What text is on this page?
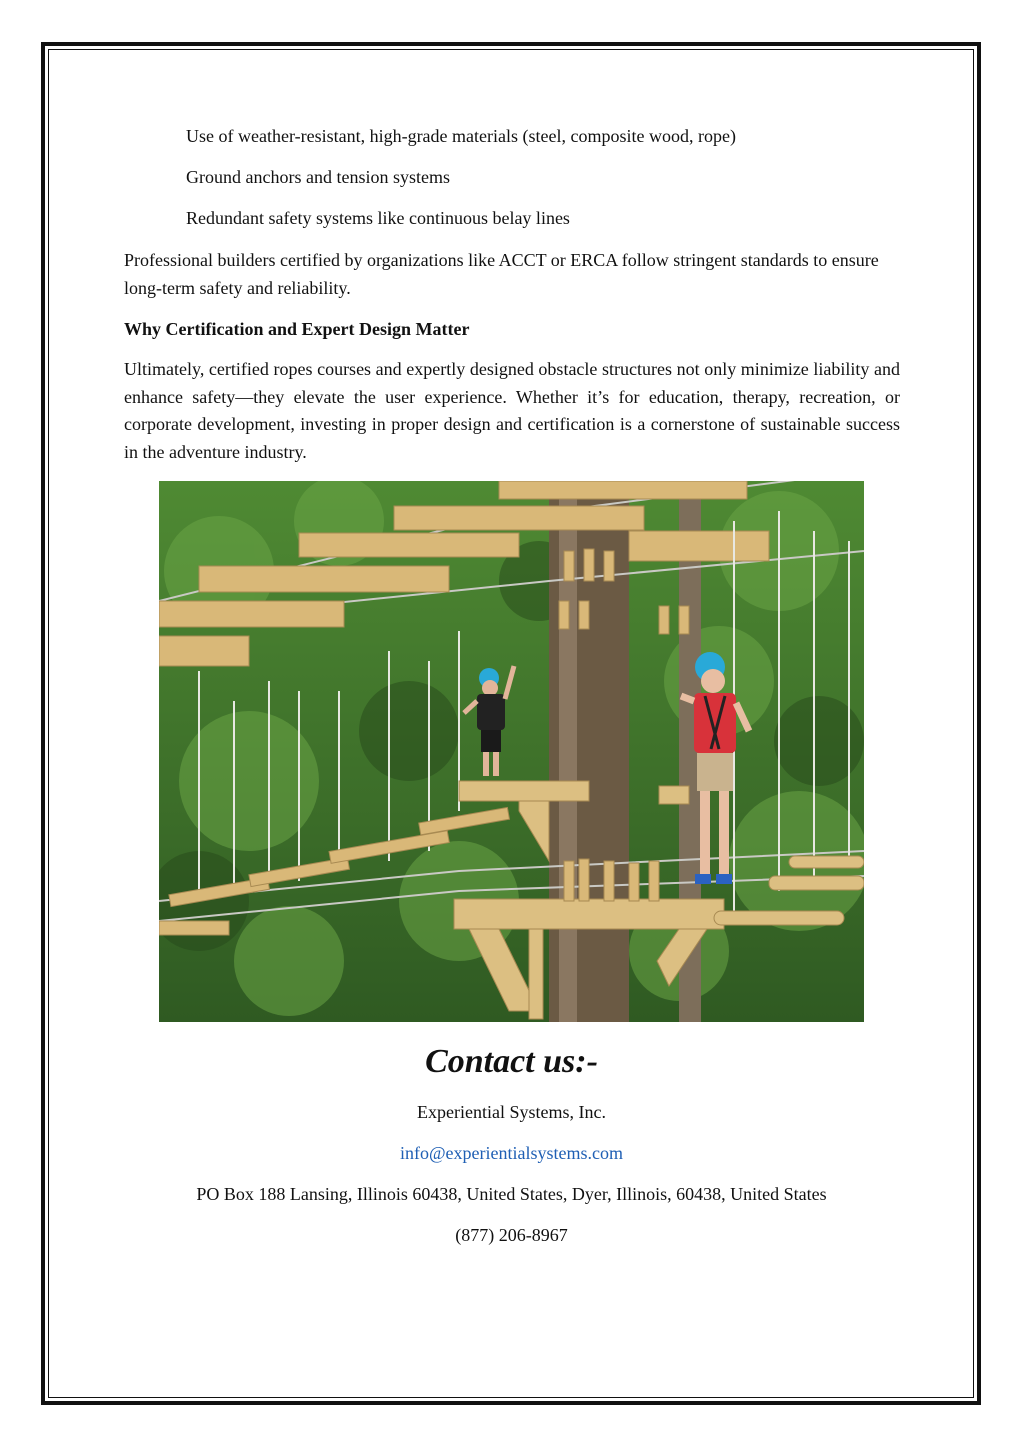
Use of weather-resistant, high-grade materials (steel, composite wood, rope)
Ground anchors and tension systems
Redundant safety systems like continuous belay lines

Professional builders certified by organizations like ACCT or ERCA follow stringent standards to ensure long-term safety and reliability.

Why Certification and Expert Design Matter

Ultimately, certified ropes courses and expertly designed obstacle structures not only minimize liability and enhance safety—they elevate the user experience. Whether it’s for education, therapy, recreation, or corporate development, investing in proper design and certification is a cornerstone of sustainable success in the adventure industry.

Contact us:-
Experiential Systems, Inc.
info@experientialsystems.com
PO Box 188 Lansing, Illinois 60438, United States, Dyer, Illinois, 60438, United States
(877) 206-8967
